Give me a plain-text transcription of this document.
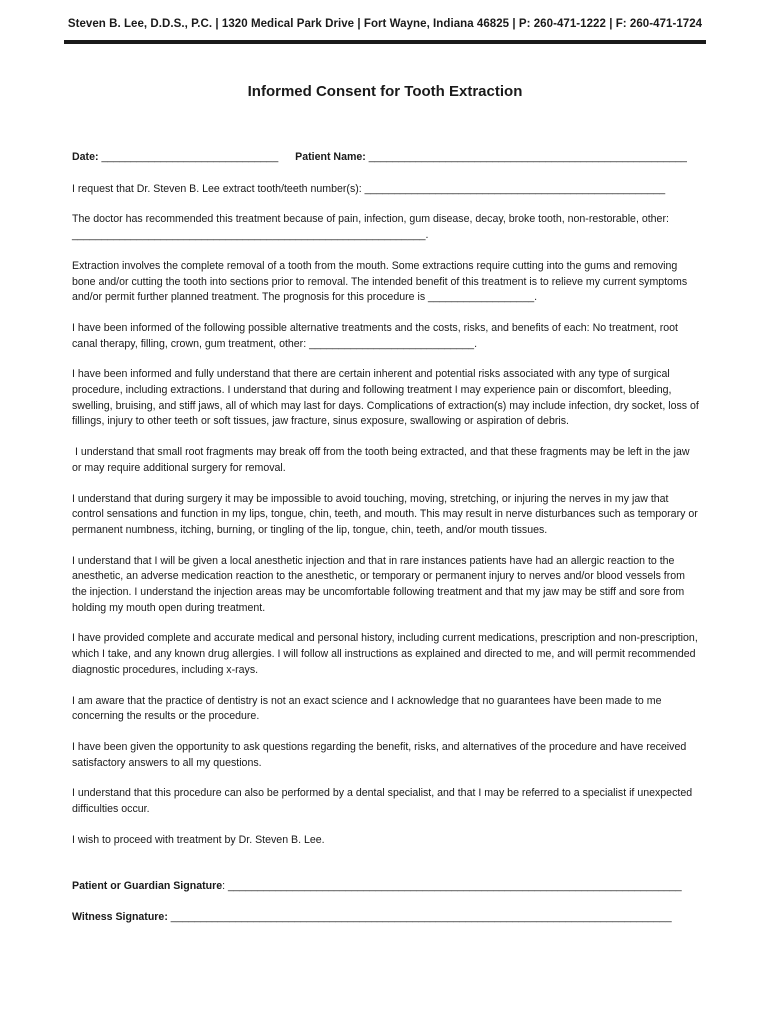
Steven B. Lee, D.D.S., P.C. | 1320 Medical Park Drive | Fort Wayne, Indiana 46825 | P: 260-471-1222 | F: 260-471-1724
Informed Consent for Tooth Extraction

Date: ______________________________ Patient Name: ______________________________________________________

I request that Dr. Steven B. Lee extract tooth/teeth number(s): ___________________________________________________

The doctor has recommended this treatment because of pain, infection, gum disease, decay, broke tooth, non-restorable, other: ____________________________________________________________.

Extraction involves the complete removal of a tooth from the mouth. Some extractions require cutting into the gums and removing bone and/or cutting the tooth into sections prior to removal. The intended benefit of this treatment is to relieve my current symptoms and/or permit further planned treatment. The prognosis for this procedure is __________________.

I have been informed of the following possible alternative treatments and the costs, risks, and benefits of each: No treatment, root canal therapy, filling, crown, gum treatment, other: ____________________________.

I have been informed and fully understand that there are certain inherent and potential risks associated with any type of surgical procedure, including extractions. I understand that during and following treatment I may experience pain or discomfort, bleeding, swelling, bruising, and stiff jaws, all of which may last for days. Complications of extraction(s) may include infection, dry socket, loss of fillings, injury to other teeth or soft tissues, jaw fracture, sinus exposure, swallowing or aspiration of debris.

I understand that small root fragments may break off from the tooth being extracted, and that these fragments may be left in the jaw or may require additional surgery for removal.

I understand that during surgery it may be impossible to avoid touching, moving, stretching, or injuring the nerves in my jaw that control sensations and function in my lips, tongue, chin, teeth, and mouth. This may result in nerve disturbances such as temporary or permanent numbness, itching, burning, or tingling of the lip, tongue, chin, teeth, and/or mouth tissues.

I understand that I will be given a local anesthetic injection and that in rare instances patients have had an allergic reaction to the anesthetic, an adverse medication reaction to the anesthetic, or temporary or permanent injury to nerves and/or blood vessels from the injection. I understand the injection areas may be uncomfortable following treatment and that my jaw may be stiff and sore from holding my mouth open during treatment.

I have provided complete and accurate medical and personal history, including current medications, prescription and non-prescription, which I take, and any known drug allergies. I will follow all instructions as explained and directed to me, and will permit recommended diagnostic procedures, including x-rays.

I am aware that the practice of dentistry is not an exact science and I acknowledge that no guarantees have been made to me concerning the results or the procedure.

I have been given the opportunity to ask questions regarding the benefit, risks, and alternatives of the procedure and have received satisfactory answers to all my questions.

I understand that this procedure can also be performed by a dental specialist, and that I may be referred to a specialist if unexpected difficulties occur.

I wish to proceed with treatment by Dr. Steven B. Lee.

Patient or Guardian Signature: _____________________________________________________________________________

Witness Signature: _____________________________________________________________________________________
